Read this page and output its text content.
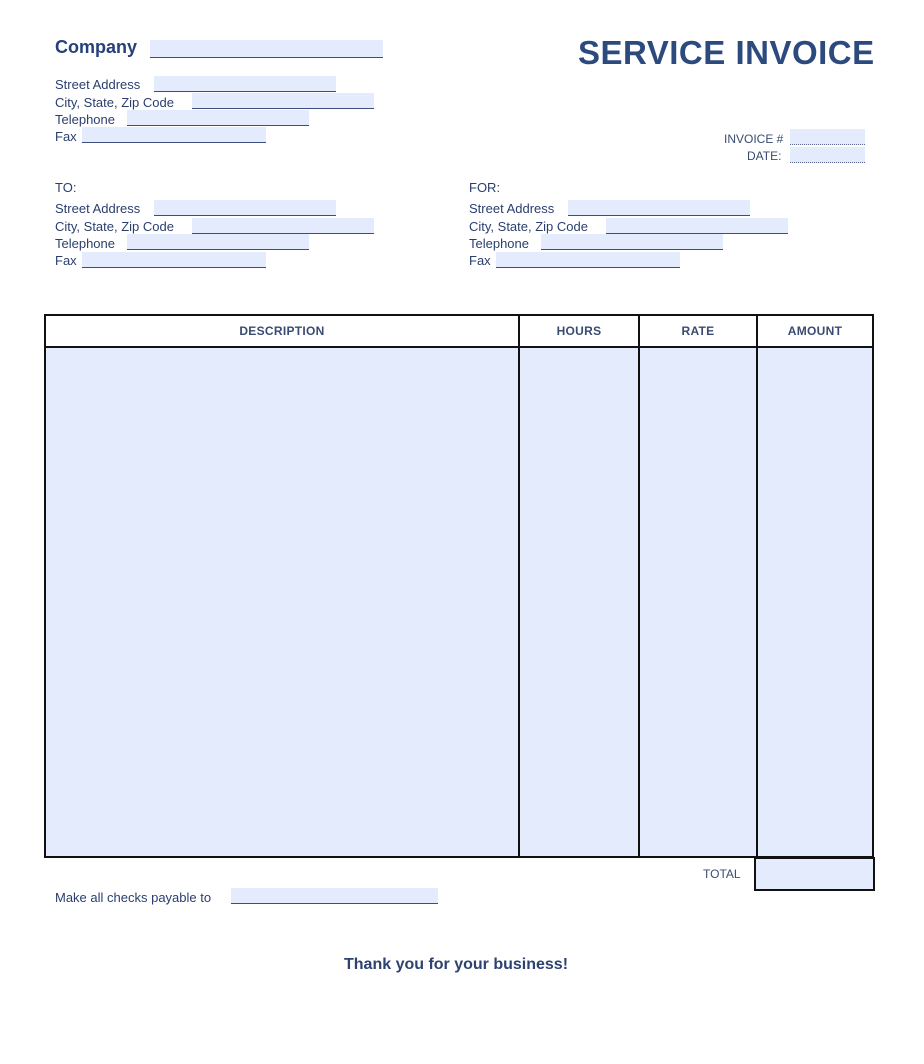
Company	SERVICE INVOICE
Street Address
City, State, Zip Code
Telephone
Fax	INVOICE #
DATE:
TO:
Street Address
City, State, Zip Code
Telephone
Fax
FOR:
Street Address
City, State, Zip Code
Telephone
Fax
DESCRIPTION	HOURS	RATE	AMOUNT
TOTAL
Make all checks payable to
Thank you for your business!
